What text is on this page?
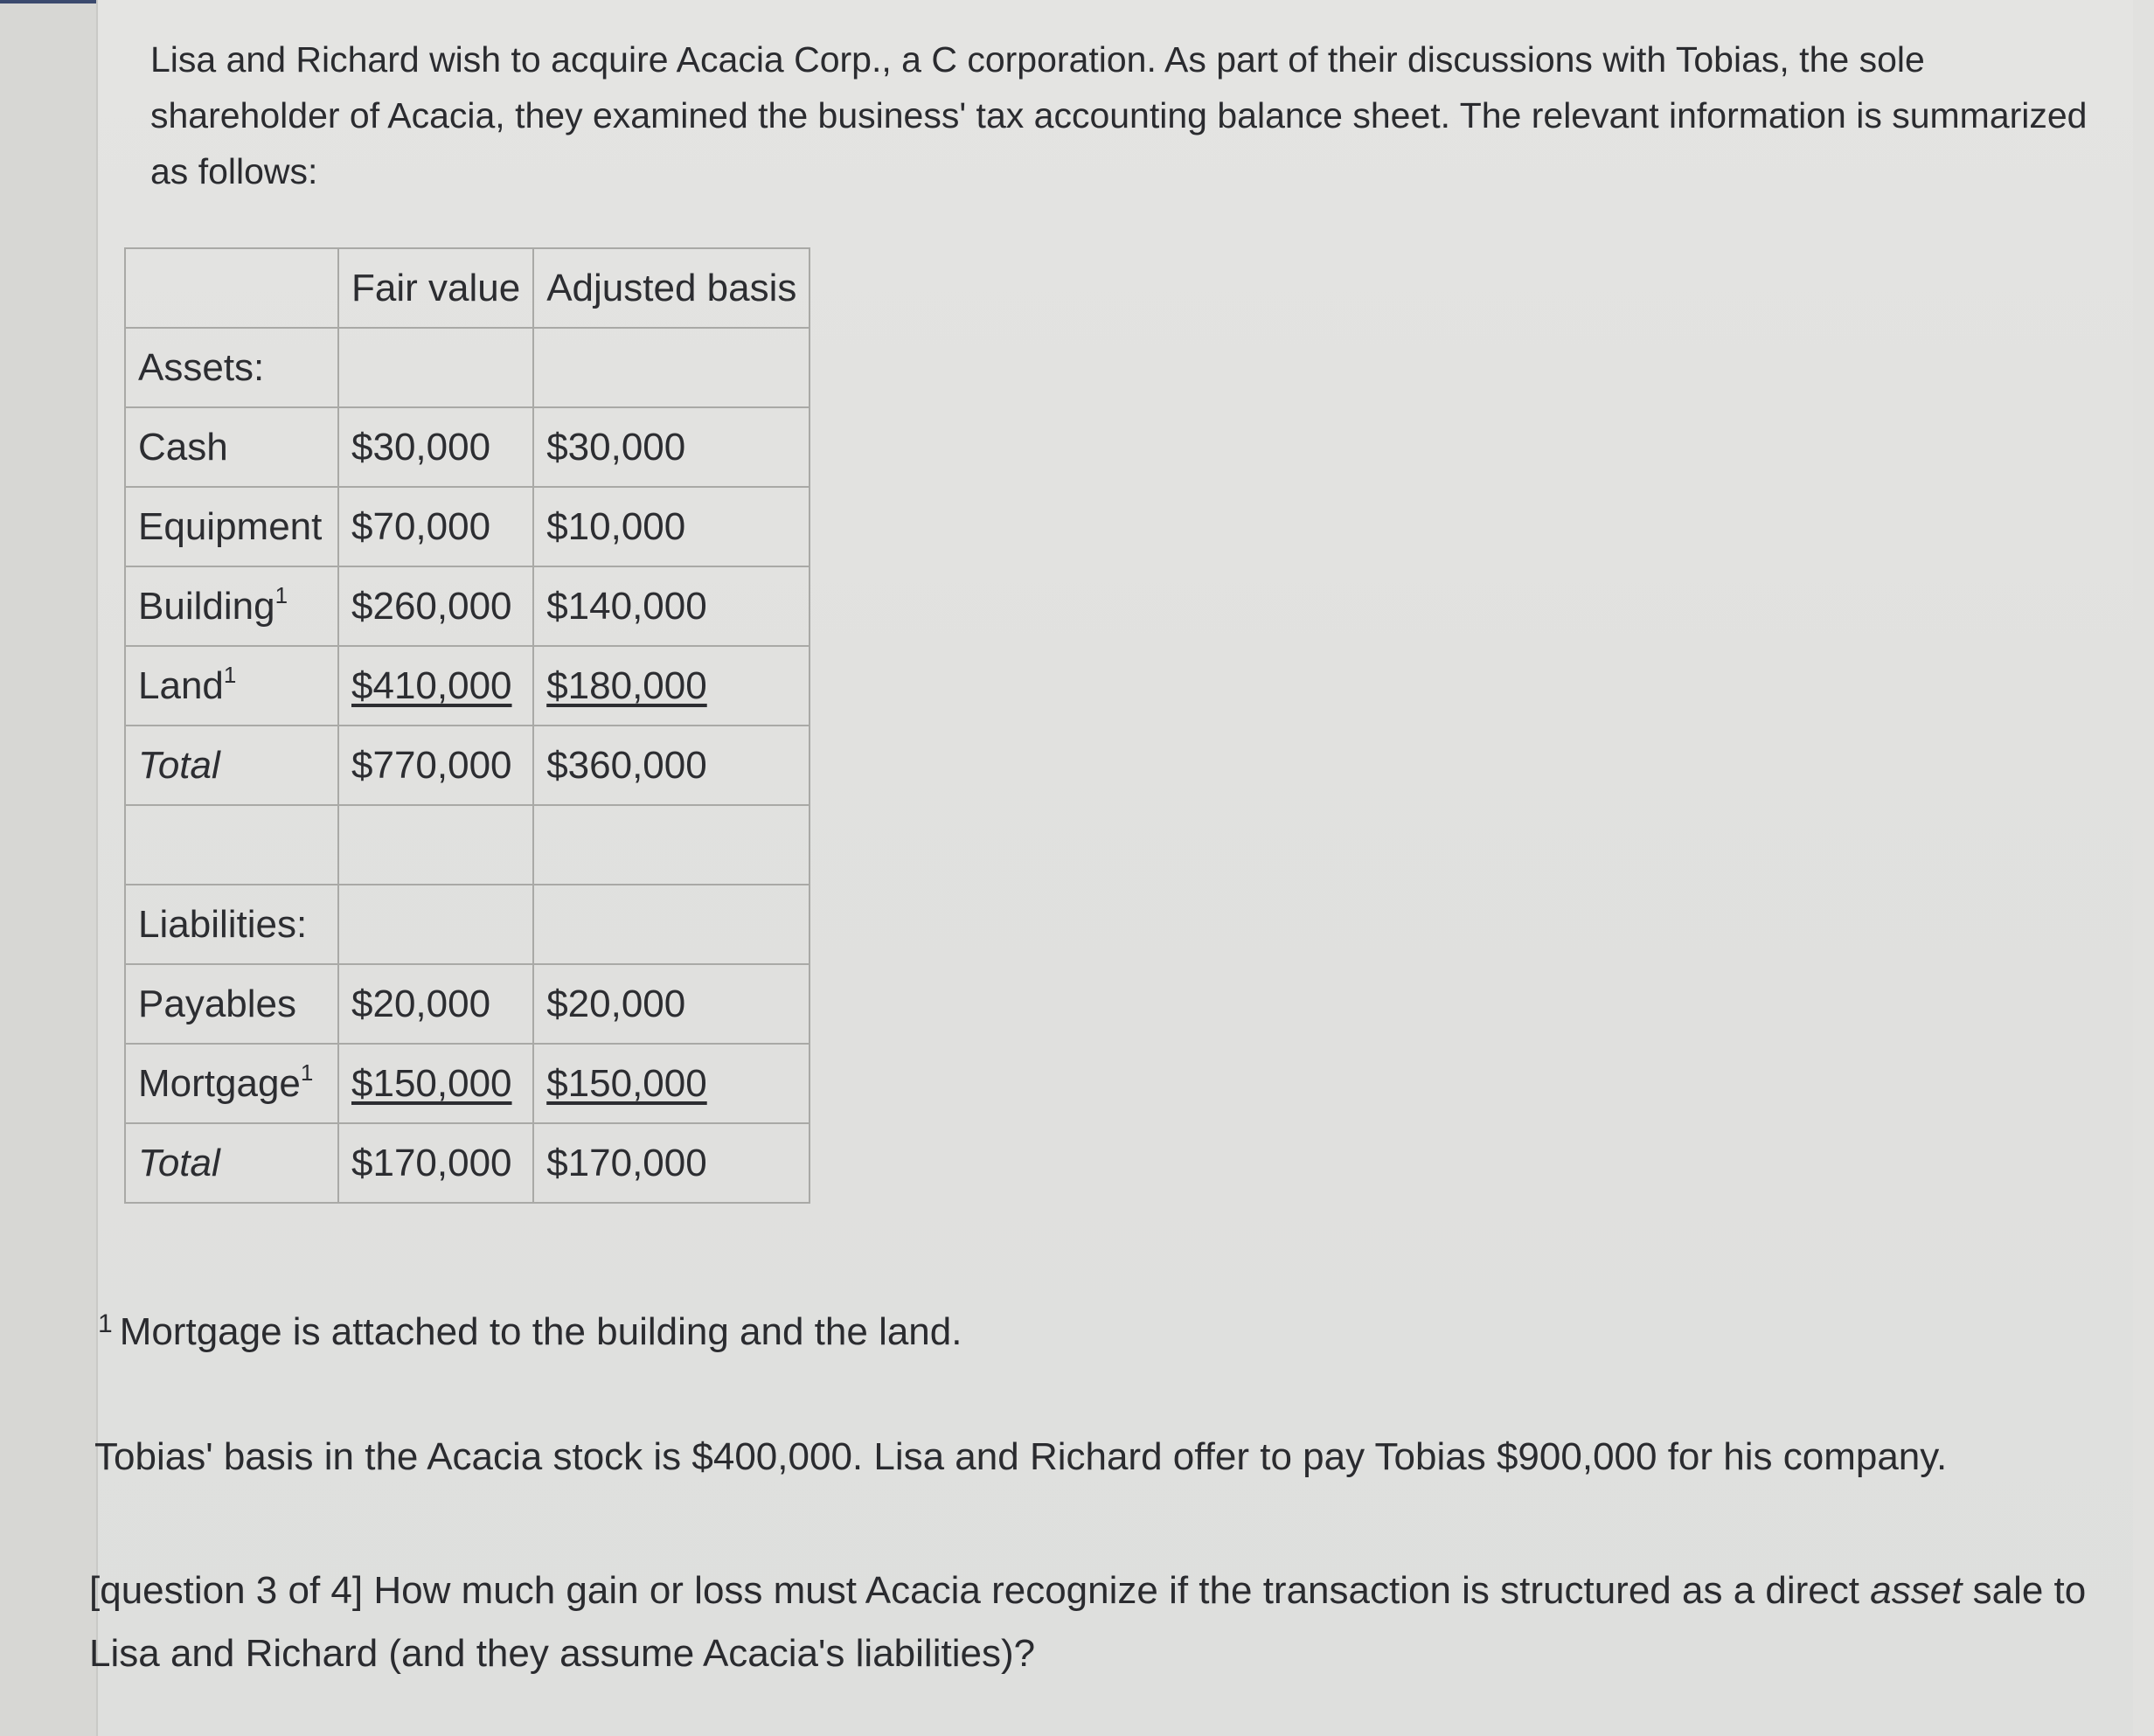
Lisa and Richard wish to acquire Acacia Corp., a C corporation. As part of their discussions with Tobias, the sole shareholder of Acacia, they examined the business' tax accounting balance sheet. The relevant information is summarized as follows:

	Fair value	Adjusted basis
Assets:		
Cash	$30,000	$30,000
Equipment	$70,000	$10,000
Building$^1$	$260,000	$140,000
Land$^1$	$410,000	$180,000
Total	$770,000	$360,000

Liabilities:		
Payables	$20,000	$20,000
Mortgage$^1$	$150,000	$150,000
Total	$170,000	$170,000

$^1$ Mortgage is attached to the building and the land.

Tobias' basis in the Acacia stock is $400,000. Lisa and Richard offer to pay Tobias $900,000 for his company.

[question 3 of 4] How much gain or loss must Acacia recognize if the transaction is structured as a direct asset sale to Lisa and Richard (and they assume Acacia's liabilities)?
